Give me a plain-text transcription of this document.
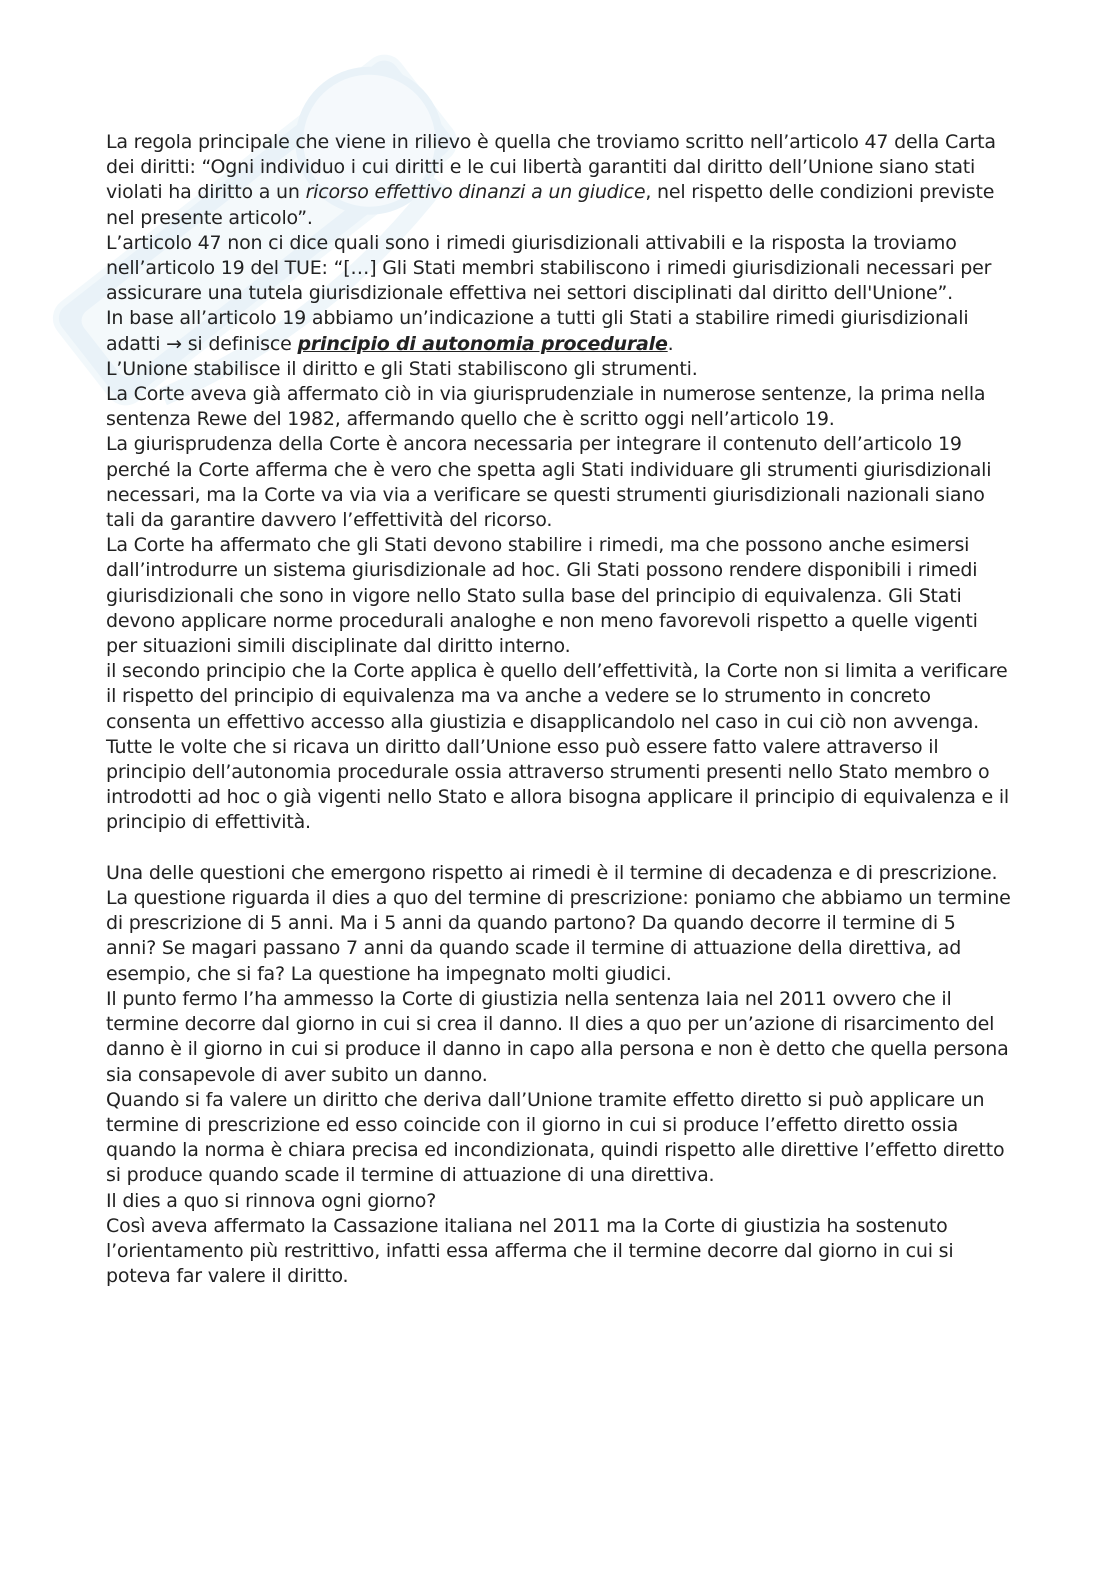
La regola principale che viene in rilievo è quella che troviamo scritto nell’articolo 47 della Carta dei diritti: “Ogni individuo i cui diritti e le cui libertà garantiti dal diritto dell’Unione siano stati violati ha diritto a un ricorso effettivo dinanzi a un giudice, nel rispetto delle condizioni previste nel presente articolo”.

L’articolo 47 non ci dice quali sono i rimedi giurisdizionali attivabili e la risposta la troviamo nell’articolo 19 del TUE: “[…] Gli Stati membri stabiliscono i rimedi giurisdizionali necessari per assicurare una tutela giurisdizionale effettiva nei settori disciplinati dal diritto dell'Unione”.

In base all’articolo 19 abbiamo un’indicazione a tutti gli Stati a stabilire rimedi giurisdizionali adatti → si definisce principio di autonomia procedurale.

L’Unione stabilisce il diritto e gli Stati stabiliscono gli strumenti.

La Corte aveva già affermato ciò in via giurisprudenziale in numerose sentenze, la prima nella sentenza Rewe del 1982, affermando quello che è scritto oggi nell’articolo 19.

La giurisprudenza della Corte è ancora necessaria per integrare il contenuto dell’articolo 19 perché la Corte afferma che è vero che spetta agli Stati individuare gli strumenti giurisdizionali necessari, ma la Corte va via via a verificare se questi strumenti giurisdizionali nazionali siano tali da garantire davvero l’effettività del ricorso.

La Corte ha affermato che gli Stati devono stabilire i rimedi, ma che possono anche esimersi dall’introdurre un sistema giurisdizionale ad hoc. Gli Stati possono rendere disponibili i rimedi giurisdizionali che sono in vigore nello Stato sulla base del principio di equivalenza. Gli Stati devono applicare norme procedurali analoghe e non meno favorevoli rispetto a quelle vigenti per situazioni simili disciplinate dal diritto interno.

il secondo principio che la Corte applica è quello dell’effettività, la Corte non si limita a verificare il rispetto del principio di equivalenza ma va anche a vedere se lo strumento in concreto consenta un effettivo accesso alla giustizia e disapplicandolo nel caso in cui ciò non avvenga.

Tutte le volte che si ricava un diritto dall’Unione esso può essere fatto valere attraverso il principio dell’autonomia procedurale ossia attraverso strumenti presenti nello Stato membro o introdotti ad hoc o già vigenti nello Stato e allora bisogna applicare il principio di equivalenza e il principio di effettività.

Una delle questioni che emergono rispetto ai rimedi è il termine di decadenza e di prescrizione.

La questione riguarda il dies a quo del termine di prescrizione: poniamo che abbiamo un termine di prescrizione di 5 anni. Ma i 5 anni da quando partono? Da quando decorre il termine di 5 anni? Se magari passano 7 anni da quando scade il termine di attuazione della direttiva, ad esempio, che si fa? La questione ha impegnato molti giudici.

Il punto fermo l’ha ammesso la Corte di giustizia nella sentenza Iaia nel 2011 ovvero che il termine decorre dal giorno in cui si crea il danno. Il dies a quo per un’azione di risarcimento del danno è il giorno in cui si produce il danno in capo alla persona e non è detto che quella persona sia consapevole di aver subito un danno.

Quando si fa valere un diritto che deriva dall’Unione tramite effetto diretto si può applicare un termine di prescrizione ed esso coincide con il giorno in cui si produce l’effetto diretto ossia quando la norma è chiara precisa ed incondizionata, quindi rispetto alle direttive l’effetto diretto si produce quando scade il termine di attuazione di una direttiva.

Il dies a quo si rinnova ogni giorno?

Così aveva affermato la Cassazione italiana nel 2011 ma la Corte di giustizia ha sostenuto l’orientamento più restrittivo, infatti essa afferma che il termine decorre dal giorno in cui si poteva far valere il diritto.
